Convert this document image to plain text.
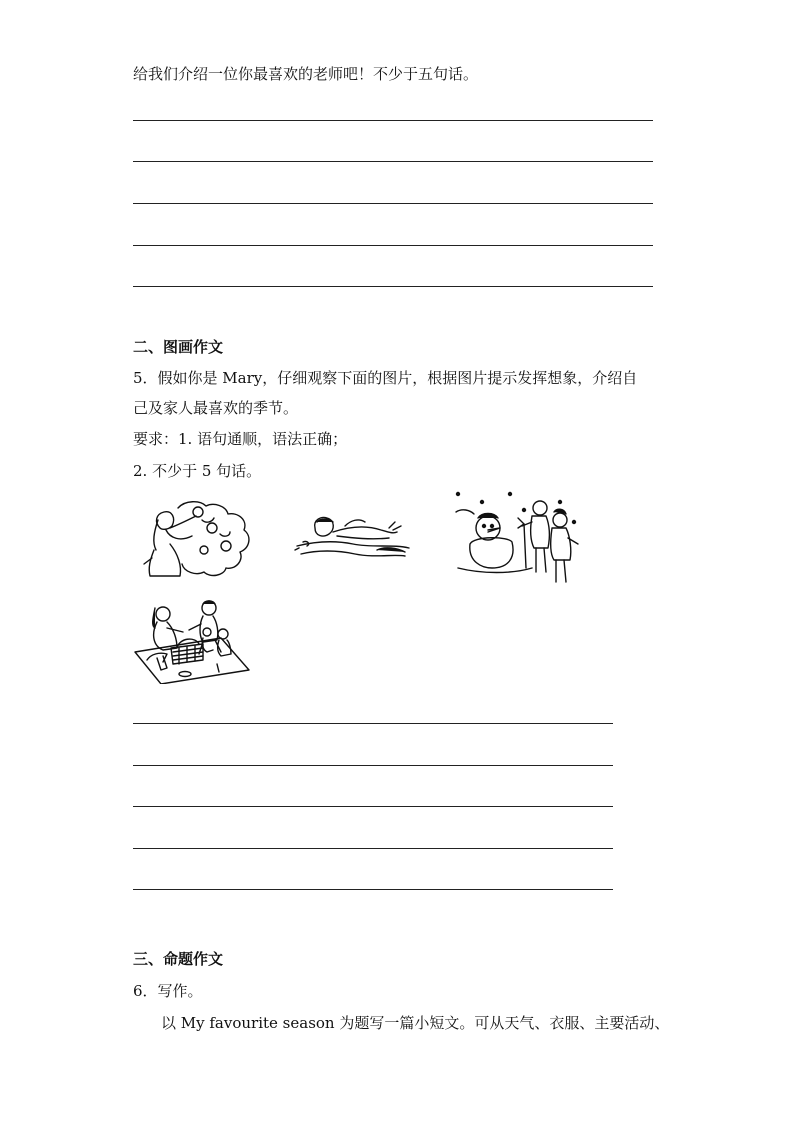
给我们介绍一位你最喜欢的老师吧！不少于五句话。
二、图画作文
5．假如你是 Mary，仔细观察下面的图片，根据图片提示发挥想象，介绍自
己及家人最喜欢的季节。
要求：1. 语句通顺，语法正确；
2. 不少于 5 句话。
三、命题作文
6．写作。
以 My favourite season 为题写一篇小短文。可从天气、衣服、主要活动、
